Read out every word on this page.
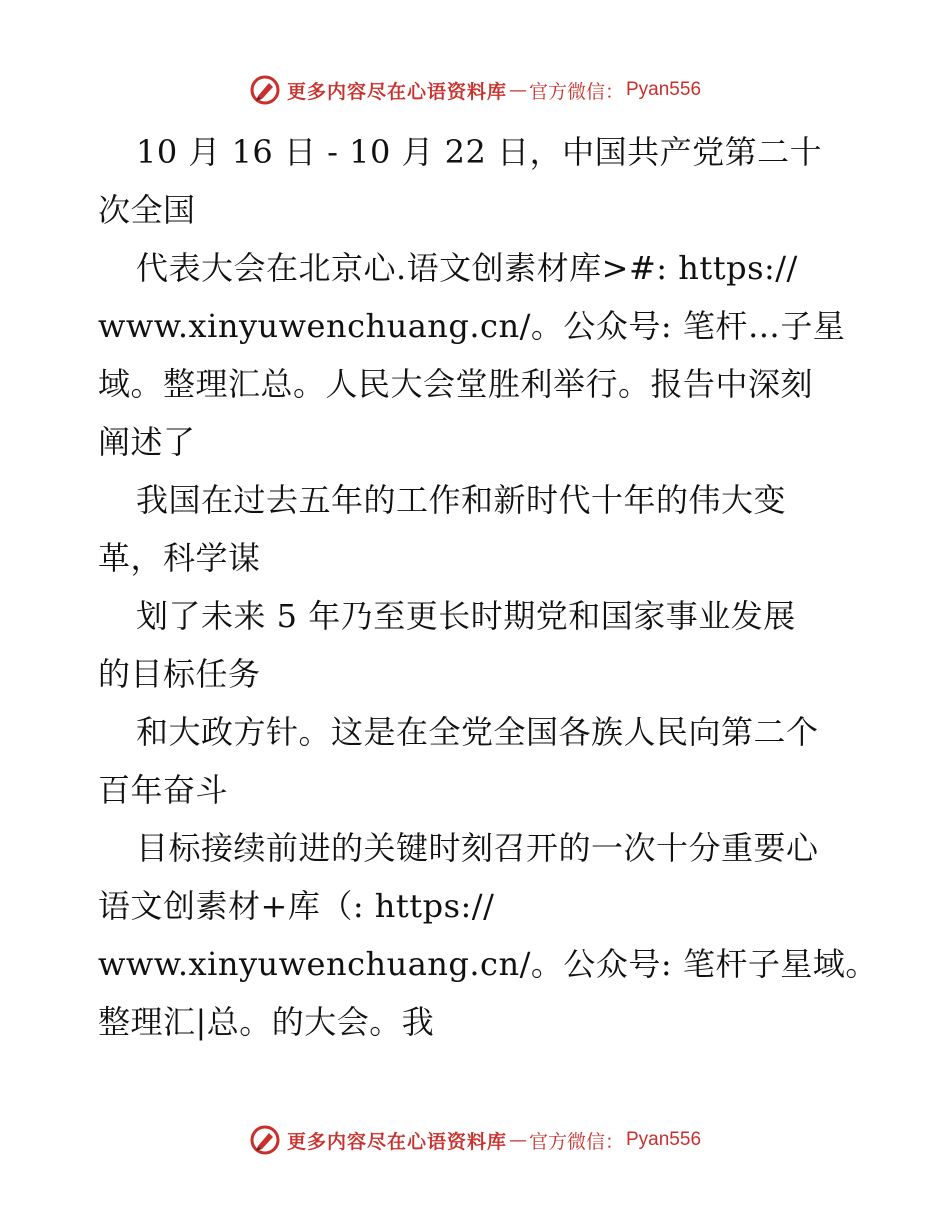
更多内容尽在心语资料库 — 官方微信： Pyan556
10 月 16 日 - 10 月 22 日，中国共产党第二十
次全国
代表大会在北京心.语文创素材库>#: https://
www.xinyuwenchuang.cn/。公众号: 笔杆…子星
域。整理汇总。人民大会堂胜利举行。报告中深刻
阐述了
我国在过去五年的工作和新时代十年的伟大变
革，科学谋
划了未来 5 年乃至更长时期党和国家事业发展
的目标任务
和大政方针。这是在全党全国各族人民向第二个
百年奋斗
目标接续前进的关键时刻召开的一次十分重要心
语文创素材+库（: https://
www.xinyuwenchuang.cn/。公众号: 笔杆子星域。
整理汇|总。的大会。我
更多内容尽在心语资料库 — 官方微信： Pyan556
